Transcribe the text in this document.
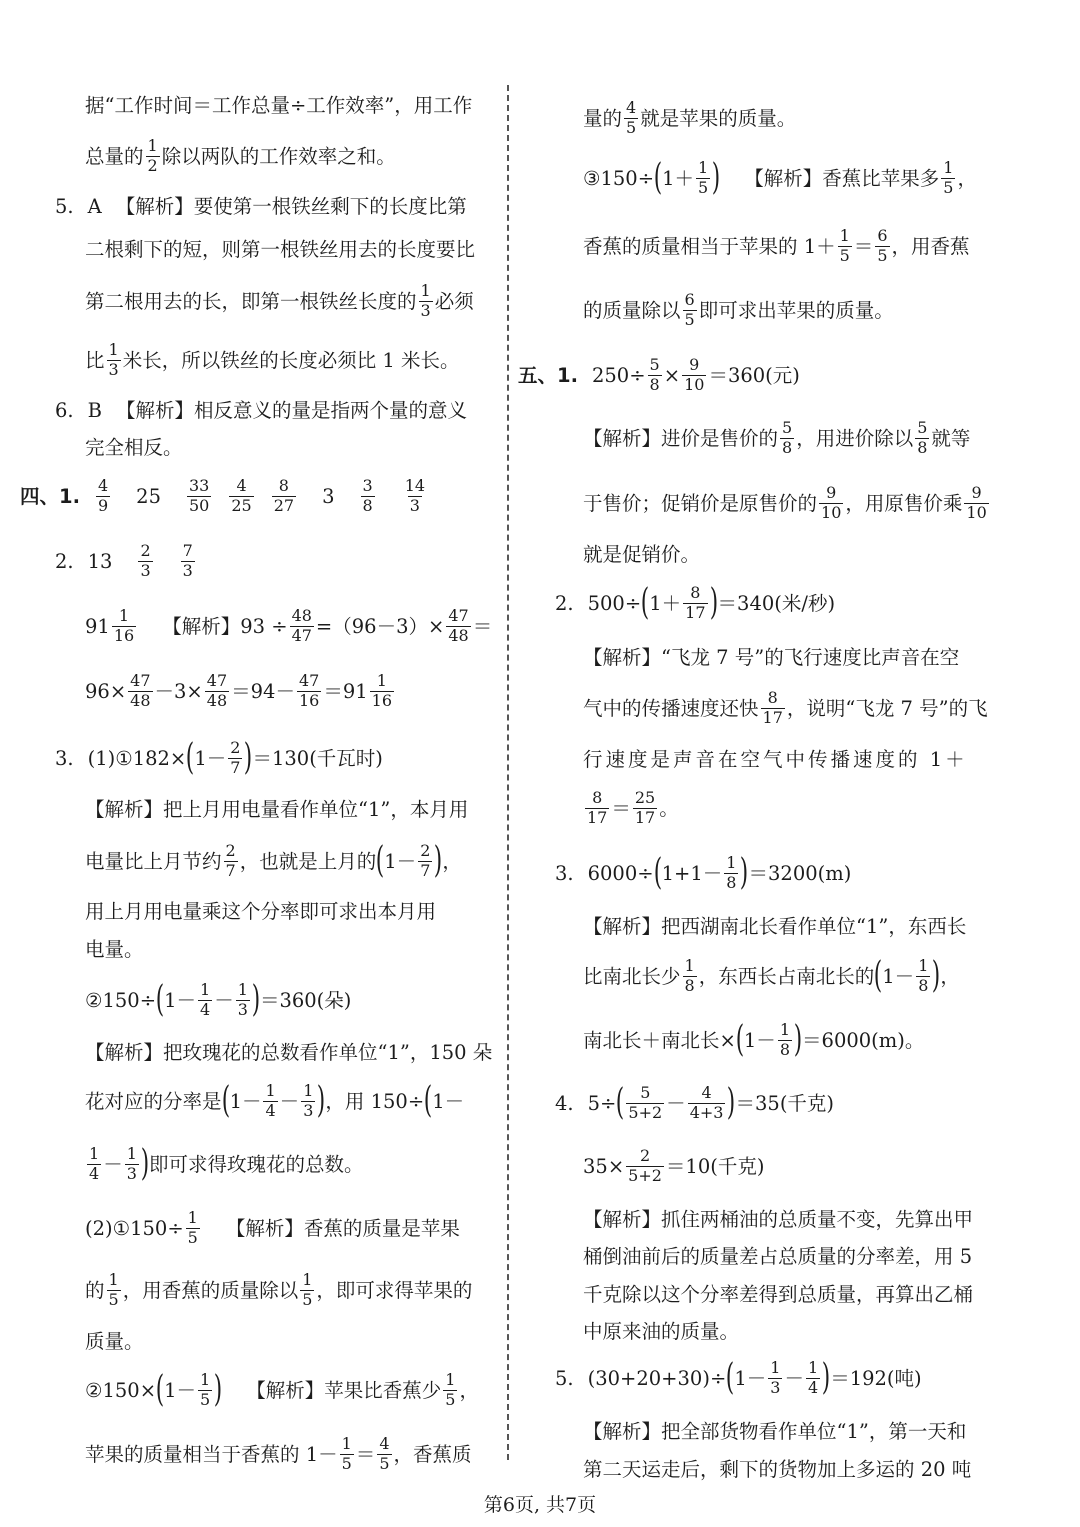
据“工作时间＝工作总量÷工作效率”，用工作
总量的 1
2 除以两队的工作效率之和。
5. A 【解析】 要使第一根铁丝剩下的长度比第
二根剩下的短，则第一根铁丝用去的长度要比
第二根用去的长，即第一根铁丝长度的 1
3 必须
比 1
3 米长，所以铁丝的长度必须比 1 米长。
6. B 【解析】 相反意义的量是指两个量的意义
完全相反。
四、1. 4
9 25 33
50
4
25
8
27 3 3
8
14
3
2. 13 2
3
7
3
91 1
16 【解析】 $93 \div \frac{48}{47} =(96-3)\times \frac{47}{48}$ ＝
$96\times \frac{47}{48} -3\times \frac{47}{48} =94- 47$
16 ＝91 1
16
3. (1)①182× ( 1－ 2
7 ) ＝130(千瓦时)
【解析】 把上月用电量看作单位“1”，本月用
电量比上月节约 2
7 ，也就是上月的 ( 1－ 2
7 ) ，
用上月用电量乘这个分率即可求出本月用
电量。
②150÷ ( 1－ 1
4 － 1
3 ) ＝360(朵)
【解析】 把玫瑰花的总数看作单位“1”，150 朵
花对应的分率是 ( 1－ 1
4 － 1
3 ) ，用 150÷ ( 1－
1
4 － 1
3 ) 即可求得玫瑰花的总数。
(2)①150÷ $\frac{1}{5}$ 【解析】 香蕉的质量是苹果
的 1
5 ，用香蕉的质量除以 1
5 ，即可求得苹果的
质量。
②150× ( 1－ 1
5 ) 【解析】 苹果比香蕉少 1
5 ，
苹果的质量相当于香蕉的 1－ 1
5 ＝ 4
5 ，香蕉质
量的 4
5 就是苹果的质量。
③150÷ ( 1＋ 1
5 ) 【解析】 香蕉比苹果多 1
5 ，
香蕉的质量相当于苹果的 1＋ 1
5 ＝ 6
5 ，用香蕉
的质量除以 6
5 即可求出苹果的质量。
五、1. $250\div \frac{5}{8} \times \frac{9}{10} =360$(元)
【解析】 进价是售价的 5
8 ，用进价除以 5
8 就等
于售价；促销价是原售价的 9
10 ，用原售价乘 9
10
就是促销价。
2. 500÷ ( 1＋ 8
17 ) ＝340(米/秒)
【解析】 “飞龙 7 号”的飞行速度比声音在空
气中的传播速度还快 8
17 ，说明“飞龙 7 号”的飞
行速度是声音在空气中传播速度的 1＋
8
17 ＝ 25
17 。
3. 6000÷ ( 1+1－ 1
8 ) ＝3200(m)
【解析】 把西湖南北长看作单位“1”，东西长
比南北长少 1
8 ，东西长占南北长的 ( 1－ 1
8 ) ，
南北长＋南北长× ( 1－ 1
8 ) ＝6000(m)。
4. 5÷ ( 5
5+2 － 4
4+3 ) ＝35(千克)
$35\times \frac{2}{5+2} =10$(千克)
【解析】 抓住两桶油的总质量不变，先算出甲
桶倒油前后的质量差占总质量的分率差，用 5
千克除以这个分率差得到总质量，再算出乙桶
中原来油的质量。
5. (30+20+30)÷ ( 1－ 1
3 － 1
4 ) ＝192(吨)
【解析】 把全部货物看作单位“1”，第一天和
第二天运走后，剩下的货物加上多运的 20 吨
第6页, 共7页
